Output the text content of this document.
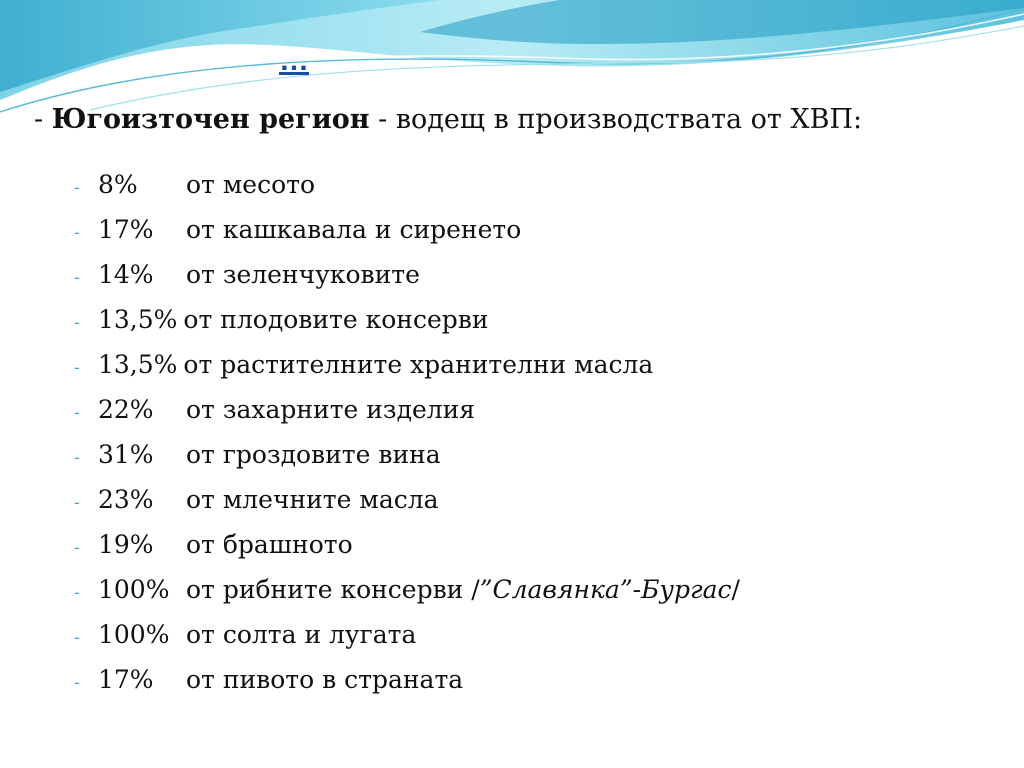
…
- Югоизточен регион - водещ в производствата от ХВП:
- 8%	от месото
- 17%	от кашкавала и сиренето
- 14%	от зеленчуковите
- 13,5% от плодовите консерви
- 13,5% от растителните хранителни масла
- 22%	от захарните изделия
- 31%	от гроздовите вина
- 23%	от млечните масла
- 19%	от брашното
- 100% от рибните консерви / ”Славянка”-Бургас /
- 100% от солта и лугата
- 17%	от пивото в страната
